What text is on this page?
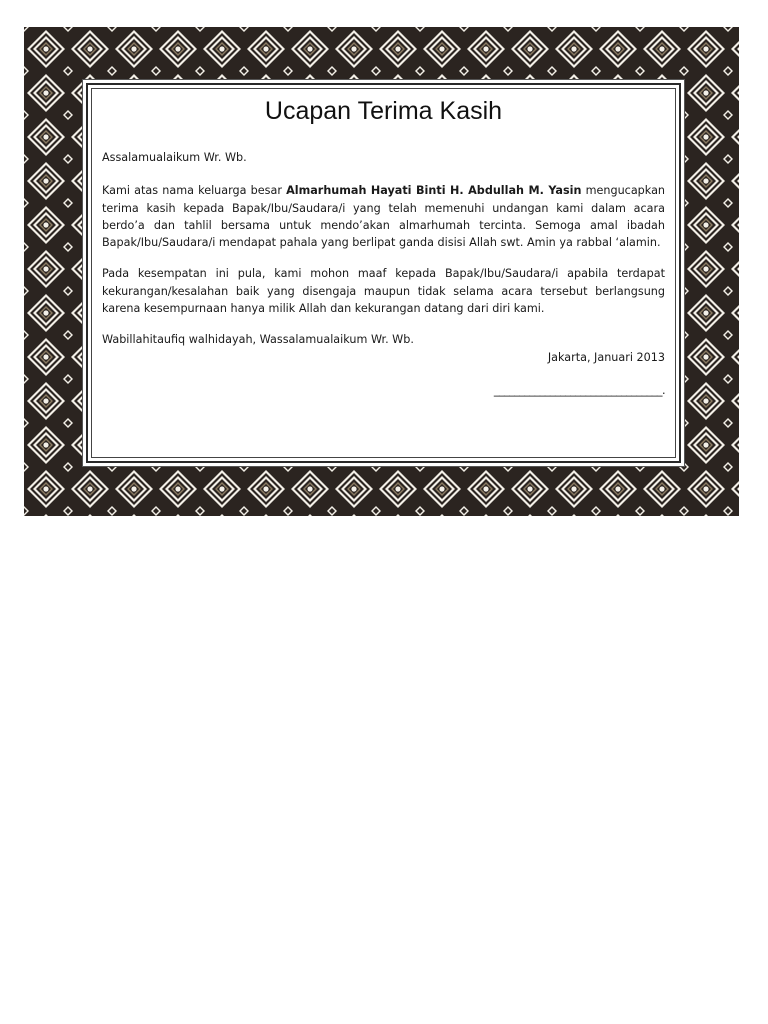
Ucapan Terima Kasih

Assalamualaikum Wr. Wb.

Kami atas nama keluarga besar Almarhumah Hayati Binti H. Abdullah M. Yasin mengucapkan terima kasih kepada Bapak/Ibu/Saudara/i yang telah memenuhi undangan kami dalam acara berdo’a dan tahlil bersama untuk mendo’akan almarhumah tercinta. Semoga amal ibadah Bapak/Ibu/Saudara/i mendapat pahala yang berlipat ganda disisi Allah swt. Amin ya rabbal ‘alamin.

Pada kesempatan ini pula, kami mohon maaf kepada Bapak/Ibu/Saudara/i apabila terdapat kekurangan/kesalahan baik yang disengaja maupun tidak selama acara tersebut berlangsung karena kesempurnaan hanya milik Allah dan kekurangan datang dari diri kami.

Wabillahitaufiq walhidayah, Wassalamualaikum Wr. Wb.

Jakarta, Januari 2013

_________________________________.
